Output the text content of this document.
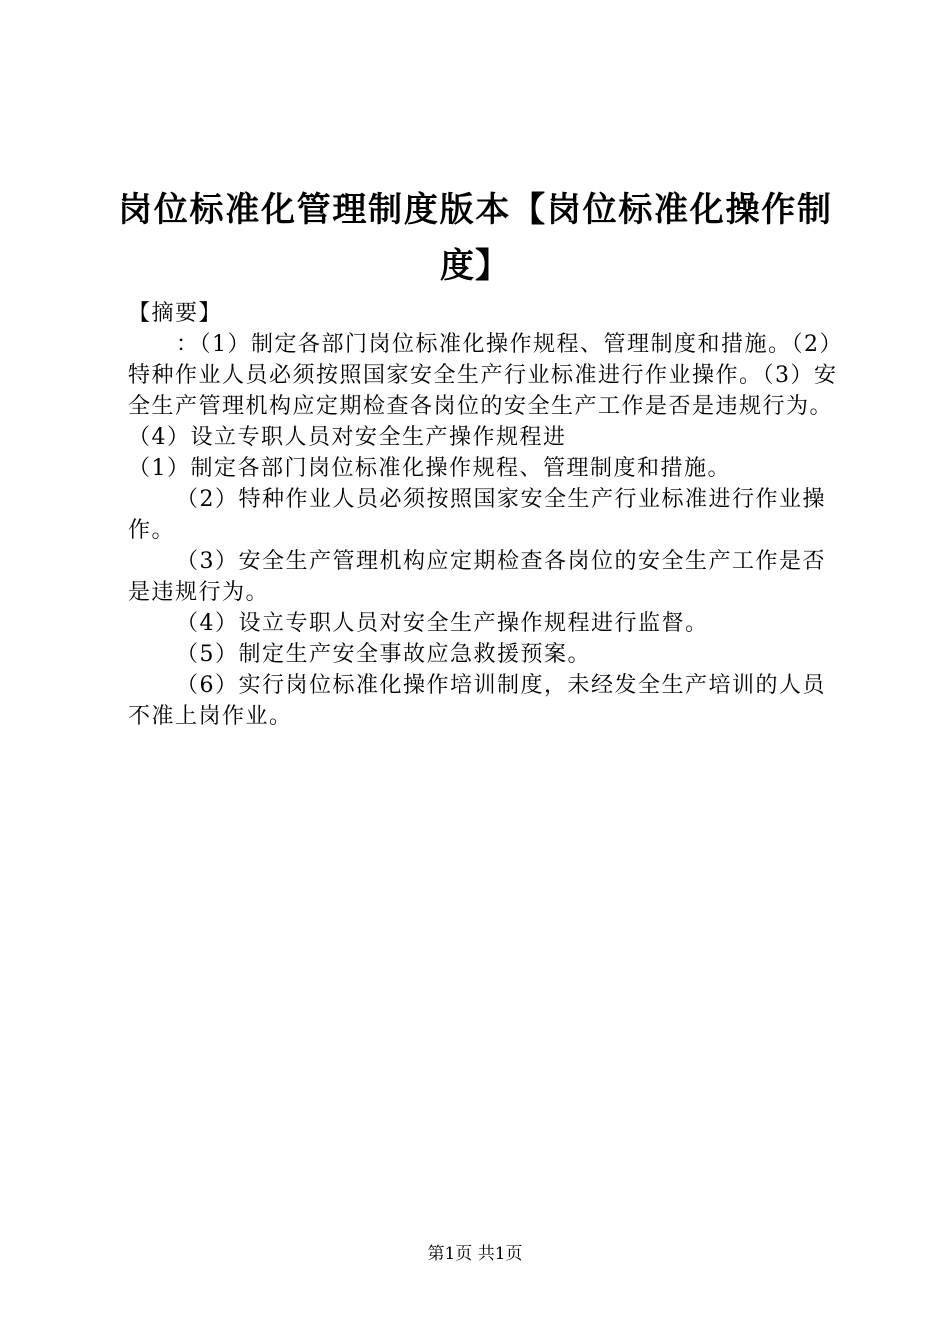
岗位标准化管理制度版本【岗位标准化操作制度】

【摘要】

：（1）制定各部门岗位标准化操作规程、管理制度和措施。（2）特种作业人员必须按照国家安全生产行业标准进行作业操作。（3）安全生产管理机构应定期检查各岗位的安全生产工作是否是违规行为。（4）设立专职人员对安全生产操作规程进

（1）制定各部门岗位标准化操作规程、管理制度和措施。

（2）特种作业人员必须按照国家安全生产行业标准进行作业操作。

（3）安全生产管理机构应定期检查各岗位的安全生产工作是否是违规行为。

（4）设立专职人员对安全生产操作规程进行监督。

（5）制定生产安全事故应急救援预案。

（6）实行岗位标准化操作培训制度，未经发全生产培训的人员不准上岗作业。

第1页 共1页
